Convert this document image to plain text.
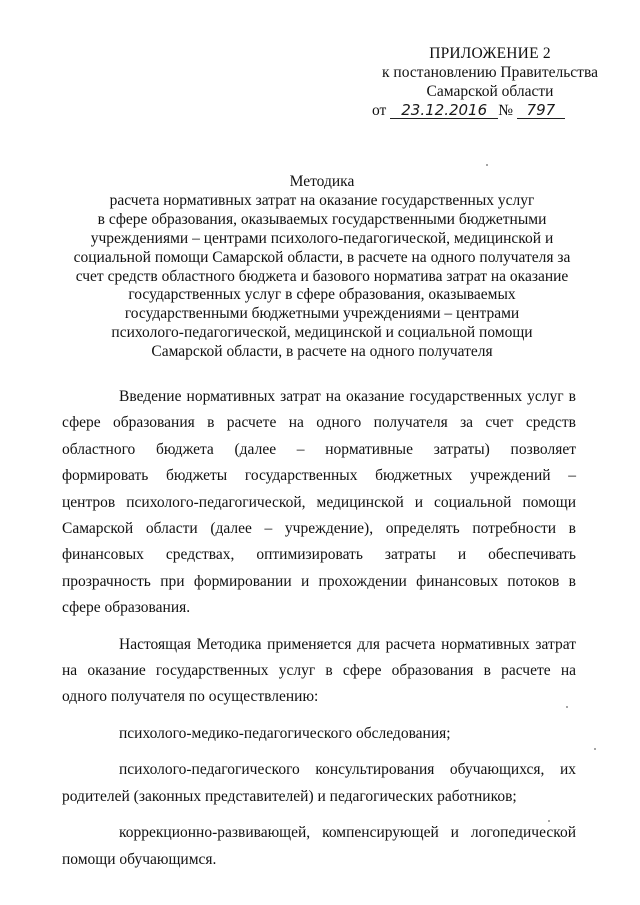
ПРИЛОЖЕНИЕ 2
к постановлению Правительства
Самарской области
от 23.12.2016 № 797
Методика
расчета нормативных затрат на оказание государственных услуг
в сфере образования, оказываемых государственными бюджетными
учреждениями – центрами психолого-педагогической, медицинской и
социальной помощи Самарской области, в расчете на одного получателя за
счет средств областного бюджета и базового норматива затрат на оказание
государственных услуг в сфере образования, оказываемых
государственными бюджетными учреждениями – центрами
психолого-педагогической, медицинской и социальной помощи
Самарской области, в расчете на одного получателя
Введение нормативных затрат на оказание государственных услуг в
сфере образования в расчете на одного получателя за счет средств
областного бюджета (далее – нормативные затраты) позволяет
формировать бюджеты государственных бюджетных учреждений –
центров психолого-педагогической, медицинской и социальной помощи
Самарской области (далее – учреждение), определять потребности в
финансовых средствах, оптимизировать затраты и обеспечивать
прозрачность при формировании и прохождении финансовых потоков в
сфере образования.
Настоящая Методика применяется для расчета нормативных затрат
на оказание государственных услуг в сфере образования в расчете на
одного получателя по осуществлению:
психолого-медико-педагогического обследования;
психолого-педагогического консультирования обучающихся, их
родителей (законных представителей) и педагогических работников;
коррекционно-развивающей, компенсирующей и логопедической
помощи обучающимся.
